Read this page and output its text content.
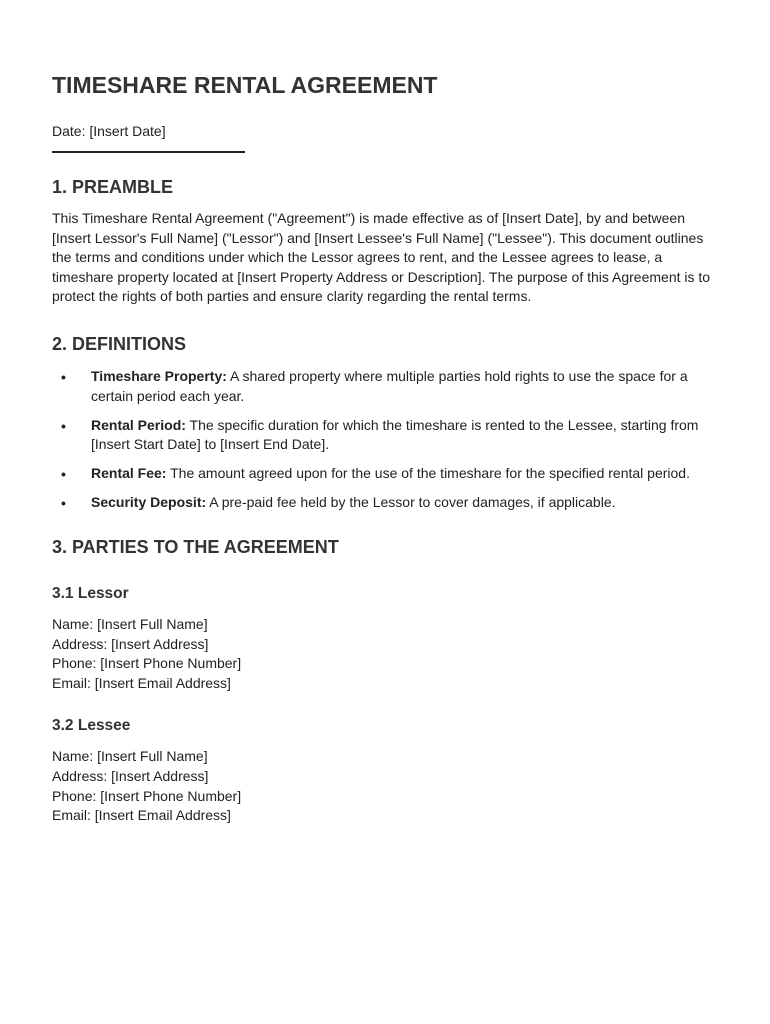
TIMESHARE RENTAL AGREEMENT
Date: [Insert Date]
1. PREAMBLE

This Timeshare Rental Agreement ("Agreement") is made effective as of [Insert Date], by and between [Insert Lessor's Full Name] ("Lessor") and [Insert Lessee's Full Name] ("Lessee"). This document outlines the terms and conditions under which the Lessor agrees to rent, and the Lessee agrees to lease, a timeshare property located at [Insert Property Address or Description]. The purpose of this Agreement is to protect the rights of both parties and ensure clarity regarding the rental terms.

2. DEFINITIONS
• Timeshare Property: A shared property where multiple parties hold rights to use the space for a certain period each year.
• Rental Period: The specific duration for which the timeshare is rented to the Lessee, starting from [Insert Start Date] to [Insert End Date].
• Rental Fee: The amount agreed upon for the use of the timeshare for the specified rental period.
• Security Deposit: A pre-paid fee held by the Lessor to cover damages, if applicable.
3. PARTIES TO THE AGREEMENT
3.1 Lessor
Name: [Insert Full Name]
Address: [Insert Address]
Phone: [Insert Phone Number]
Email: [Insert Email Address]
3.2 Lessee
Name: [Insert Full Name]
Address: [Insert Address]
Phone: [Insert Phone Number]
Email: [Insert Email Address]
